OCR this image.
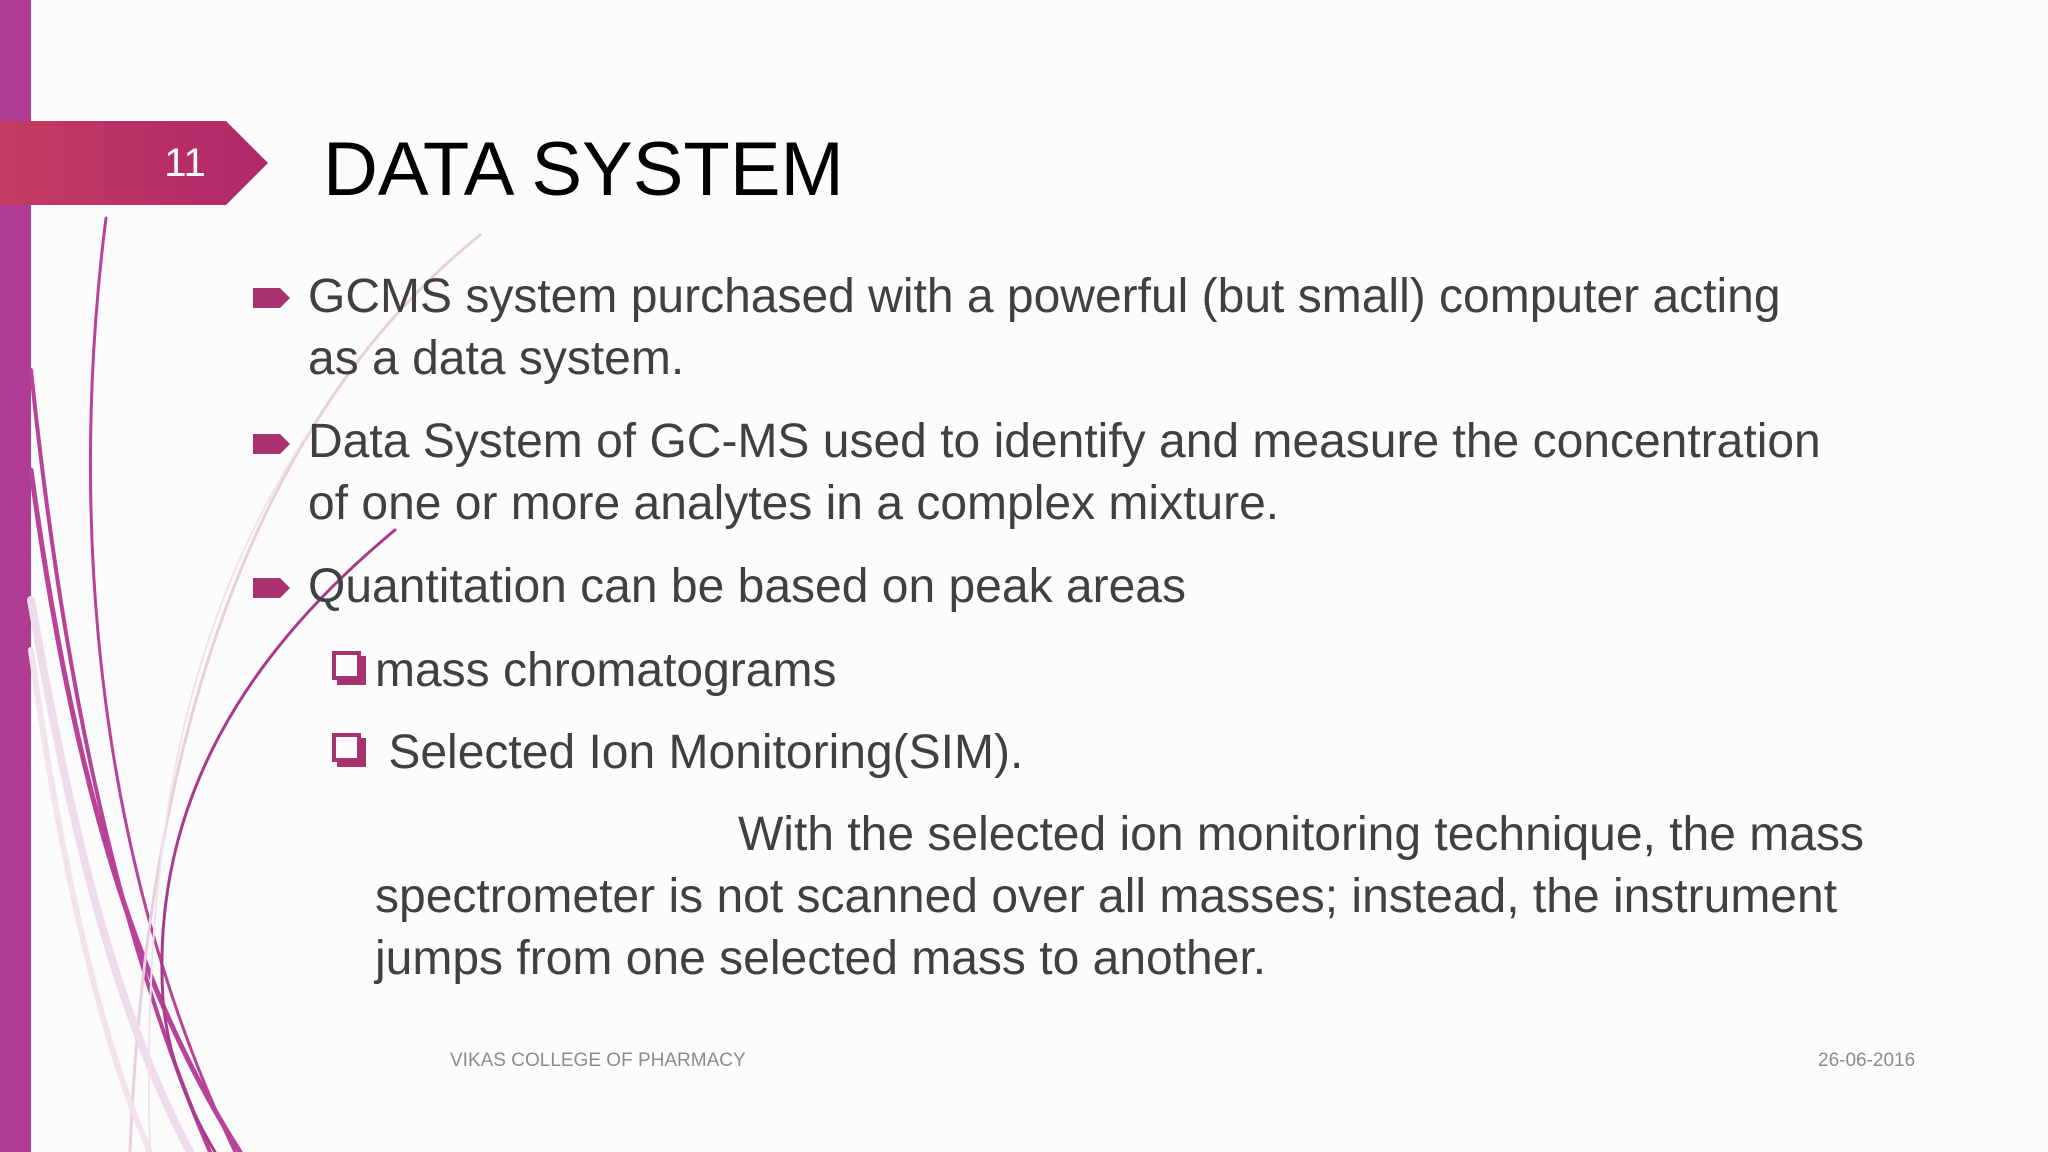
11 DATA SYSTEM

GCMS system purchased with a powerful (but small) computer acting as a data system.

Data System of GC-MS used to identify and measure the concentration of one or more analytes in a complex mixture.

Quantitation can be based on peak areas

mass chromatograms
Selected Ion Monitoring(SIM).
With the selected ion monitoring technique, the mass spectrometer is not scanned over all masses; instead, the instrument jumps from one selected mass to another.
VIKAS COLLEGE OF PHARMACY	26-06-2016
